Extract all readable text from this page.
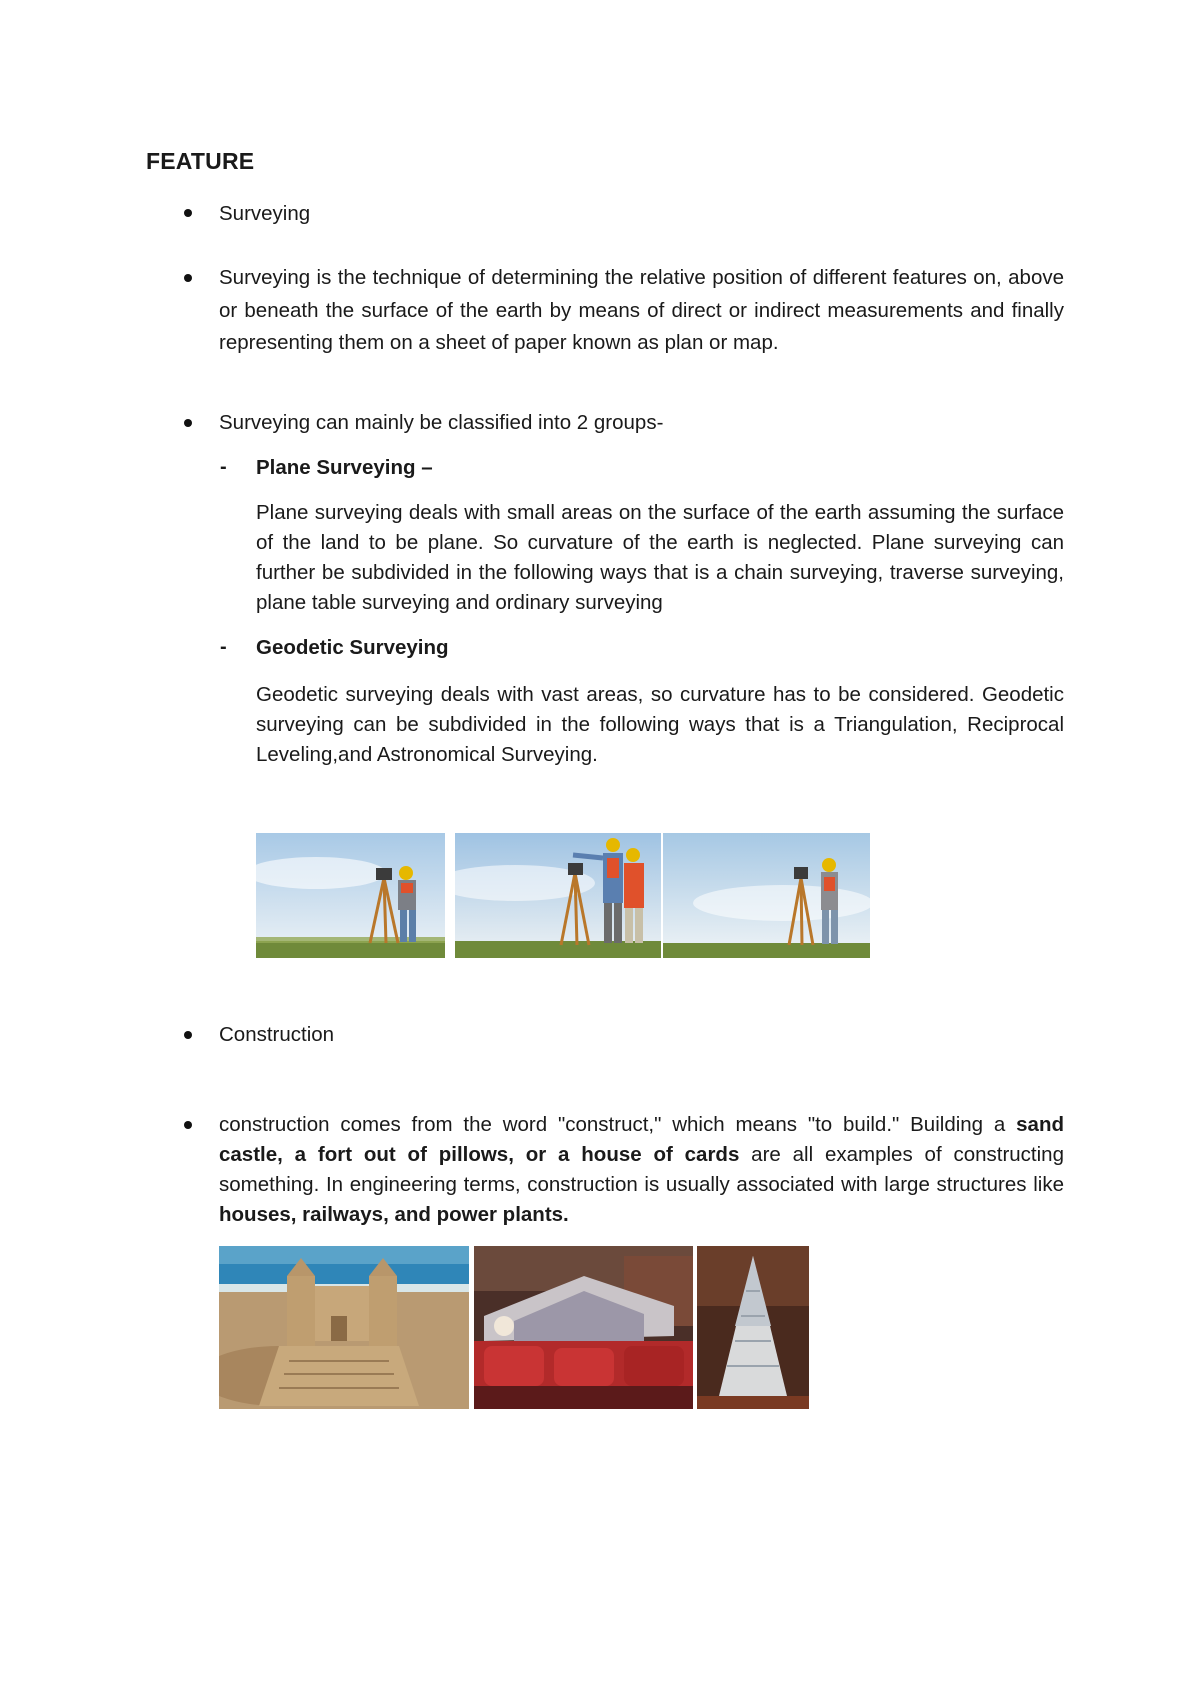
FEATURE
Surveying
Surveying is the technique of determining the relative position of different features on, above or beneath the surface of the earth by means of direct or indirect measurements and finally representing them on a sheet of paper known as plan or map.
Surveying can mainly be classified into 2 groups-
- Plane Surveying –
Plane surveying deals with small areas on the surface of the earth assuming the surface of the land to be plane. So curvature of the earth is neglected. Plane surveying can further be subdivided in the following ways that is a chain surveying, traverse surveying, plane table surveying and ordinary surveying
- Geodetic Surveying
Geodetic surveying deals with vast areas, so curvature has to be considered. Geodetic surveying can be subdivided in the following ways that is a Triangulation, Reciprocal Leveling,and Astronomical Surveying.
Construction
construction comes from the word "construct," which means "to build." Building a sand castle, a fort out of pillows, or a house of cards are all examples of constructing something. In engineering terms, construction is usually associated with large structures like houses, railways, and power plants.
